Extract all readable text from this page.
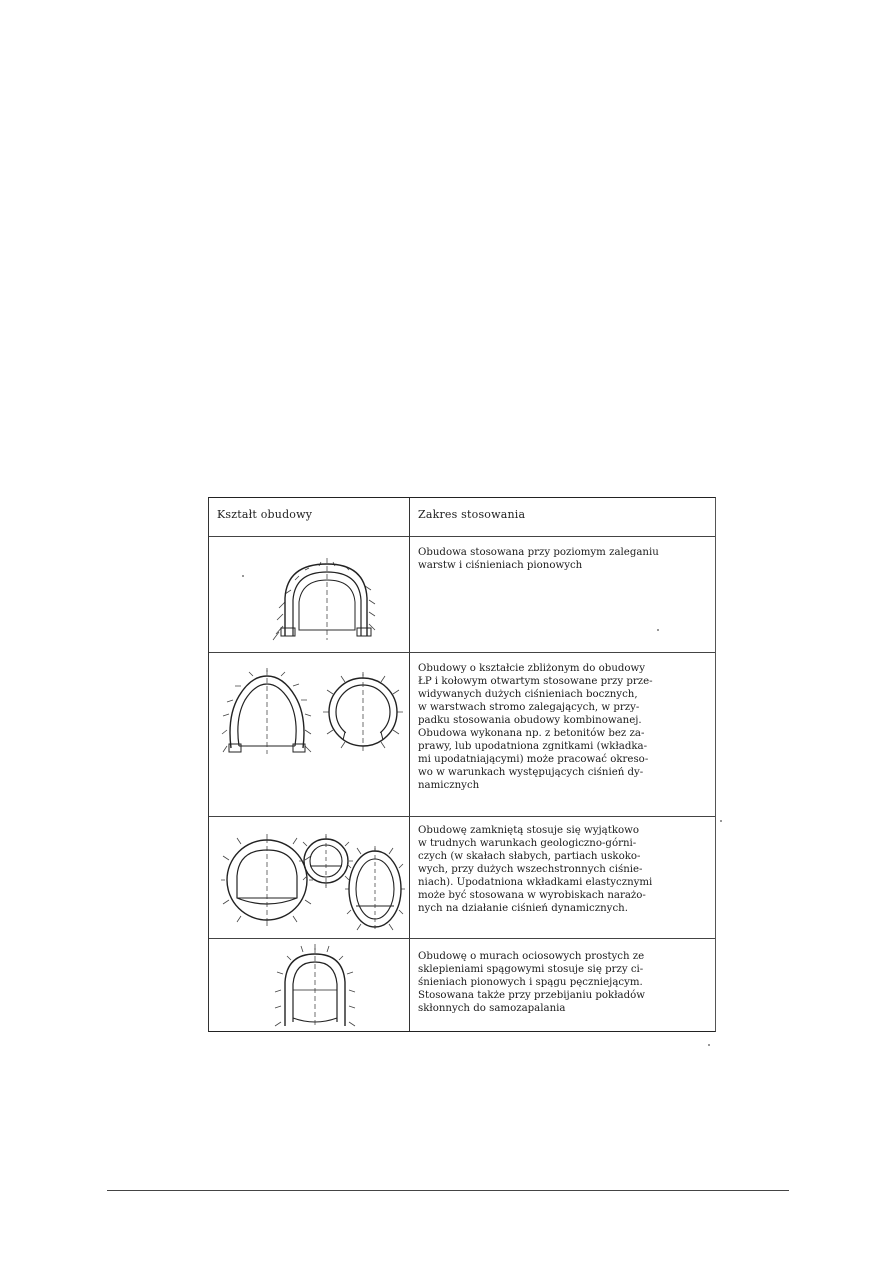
Kształt obudowy	Zakres stosowania
Obudowa stosowana przy poziomym zaleganiu
warstw i ciśnieniach pionowych
Obudowy o kształcie zbliżonym do obudowy
ŁP i kołowym otwartym stosowane przy prze-
widywanych dużych ciśnieniach bocznych,
w warstwach stromo zalegających, w przy-
padku stosowania obudowy kombinowanej.
Obudowa wykonana np. z betonitów bez za-
prawy, lub upodatniona zgnitkami (wkładka-
mi upodatniającymi) może pracować okreso-
wo w warunkach występujących ciśnień dy-
namicznych
Obudowę zamkniętą stosuje się wyjątkowo
w trudnych warunkach geologiczno-górni-
czych (w skałach słabych, partiach uskoko-
wych, przy dużych wszechstronnych ciśnie-
niach). Upodatniona wkładkami elastycznymi
może być stosowana w wyrobiskach narażo-
nych na działanie ciśnień dynamicznych.
Obudowę o murach ociosowych prostych ze
sklepieniami spągowymi stosuje się przy ci-
śnieniach pionowych i spągu pęczniejącym.
Stosowana także przy przebijaniu pokładów
skłonnych do samozapalania
